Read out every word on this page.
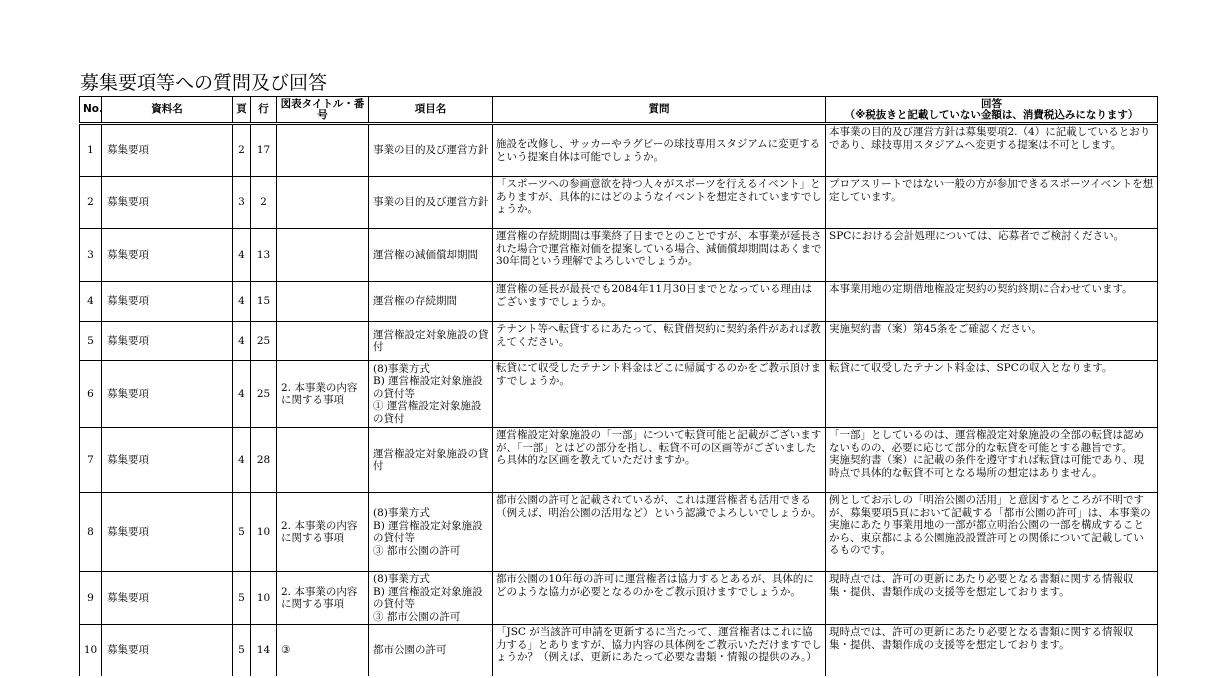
募集要項等への質問及び回答
No.	資料名	頁	行	図表タイトル・番号	項目名	質問	回答
（※税抜きと記載していない金額は、消費税込みになります）

1	募集要項	2	17		事業の目的及び運営方針	施設を改修し、サッカーやラグビーの球技専用スタジアムに変更するという提案自体は可能でしょうか。	本事業の目的及び運営方針は募集要項2.（4）に記載しているとおりであり、球技専用スタジアムへ変更する提案は不可とします。

2	募集要項	3	2		事業の目的及び運営方針	「スポーツへの参画意欲を持つ人々がスポーツを行えるイベント」とありますが、具体的にはどのようなイベントを想定されていますでしょうか。	プロアスリートではない一般の方が参加できるスポーツイベントを想定しています。

3	募集要項	4	13		運営権の減価償却期間	運営権の存続期間は事業終了日までとのことですが、本事業が延長された場合で運営権対価を提案している場合、減価償却期間はあくまで30年間という理解でよろしいでしょうか。	SPCにおける会計処理については、応募者でご検討ください。

4	募集要項	4	15		運営権の存続期間	運営権の延長が最長でも2084年11月30日までとなっている理由はございますでしょうか。	本事業用地の定期借地権設定契約の契約終期に合わせています。

5	募集要項	4	25		運営権設定対象施設の貸付	テナント等へ転貸するにあたって、転貸借契約に契約条件があれば教えてください。	実施契約書（案）第45条をご確認ください。

6	募集要項	4	25	2. 本事業の内容に関する事項	(8)事業方式
B) 運営権設定対象施設の貸付等
① 運営権設定対象施設の貸付	転貸にて収受したテナント料金はどこに帰属するのかをご教示頂けますでしょうか。	転貸にて収受したテナント料金は、SPCの収入となります。

7	募集要項	4	28		運営権設定対象施設の貸付	運営権設定対象施設の「一部」について転貸可能と記載がございますが、「一部」とはどの部分を指し、転貸不可の区画等がございましたら具体的な区画を教えていただけますか。	「一部」としているのは、運営権設定対象施設の全部の転貸は認めないものの、必要に応じて部分的な転貸を可能とする趣旨です。
実施契約書（案）に記載の条件を遵守すれば転貸は可能であり、現時点で具体的な転貸不可となる場所の想定はありません。

8	募集要項	5	10	2. 本事業の内容に関する事項	(8)事業方式
B) 運営権設定対象施設の貸付等
③ 都市公園の許可	都市公園の許可と記載されているが、これは運営権者も活用できる（例えば、明治公園の活用など）という認識でよろしいでしょうか。	例としてお示しの「明治公園の活用」と意図するところが不明ですが、募集要項5頁において記載する「都市公園の許可」は、本事業の実施にあたり事業用地の一部が都立明治公園の一部を構成することから、東京都による公園施設設置許可との関係について記載しているものです。

9	募集要項	5	10	2. 本事業の内容に関する事項	(8)事業方式
B) 運営権設定対象施設の貸付等
③ 都市公園の許可	都市公園の10年毎の許可に運営権者は協力するとあるが、具体的にどのような協力が必要となるのかをご教示頂けますでしょうか。	現時点では、許可の更新にあたり必要となる書類に関する情報収集・提供、書類作成の支援等を想定しております。

10	募集要項	5	14	③	都市公園の許可	「JSC が当該許可申請を更新するに当たって、運営権者はこれに協力する」とありますが、協力内容の具体例をご教示いただけますでしょうか？（例えば、更新にあたって必要な書類・情報の提供のみ。）	現時点では、許可の更新にあたり必要となる書類に関する情報収集・提供、書類作成の支援等を想定しております。
